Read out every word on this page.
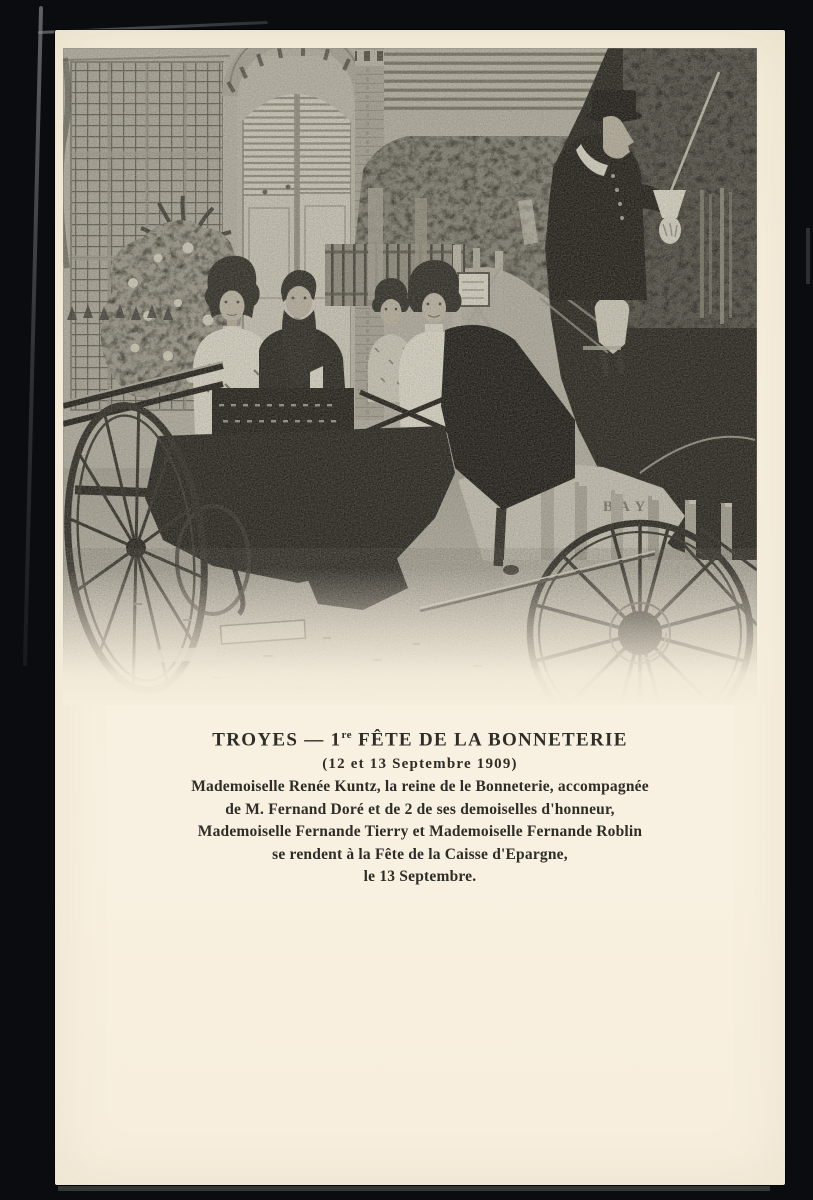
TROYES — 1re FÊTE DE LA BONNETERIE
(12 et 13 Septembre 1909)
Mademoiselle Renée Kuntz, la reine de le Bonneterie, accompagnée
de M. Fernand Doré et de 2 de ses demoiselles d'honneur,
Mademoiselle Fernande Tierry et Mademoiselle Fernande Roblin
se rendent à la Fête de la Caisse d'Epargne,
le 13 Septembre.
